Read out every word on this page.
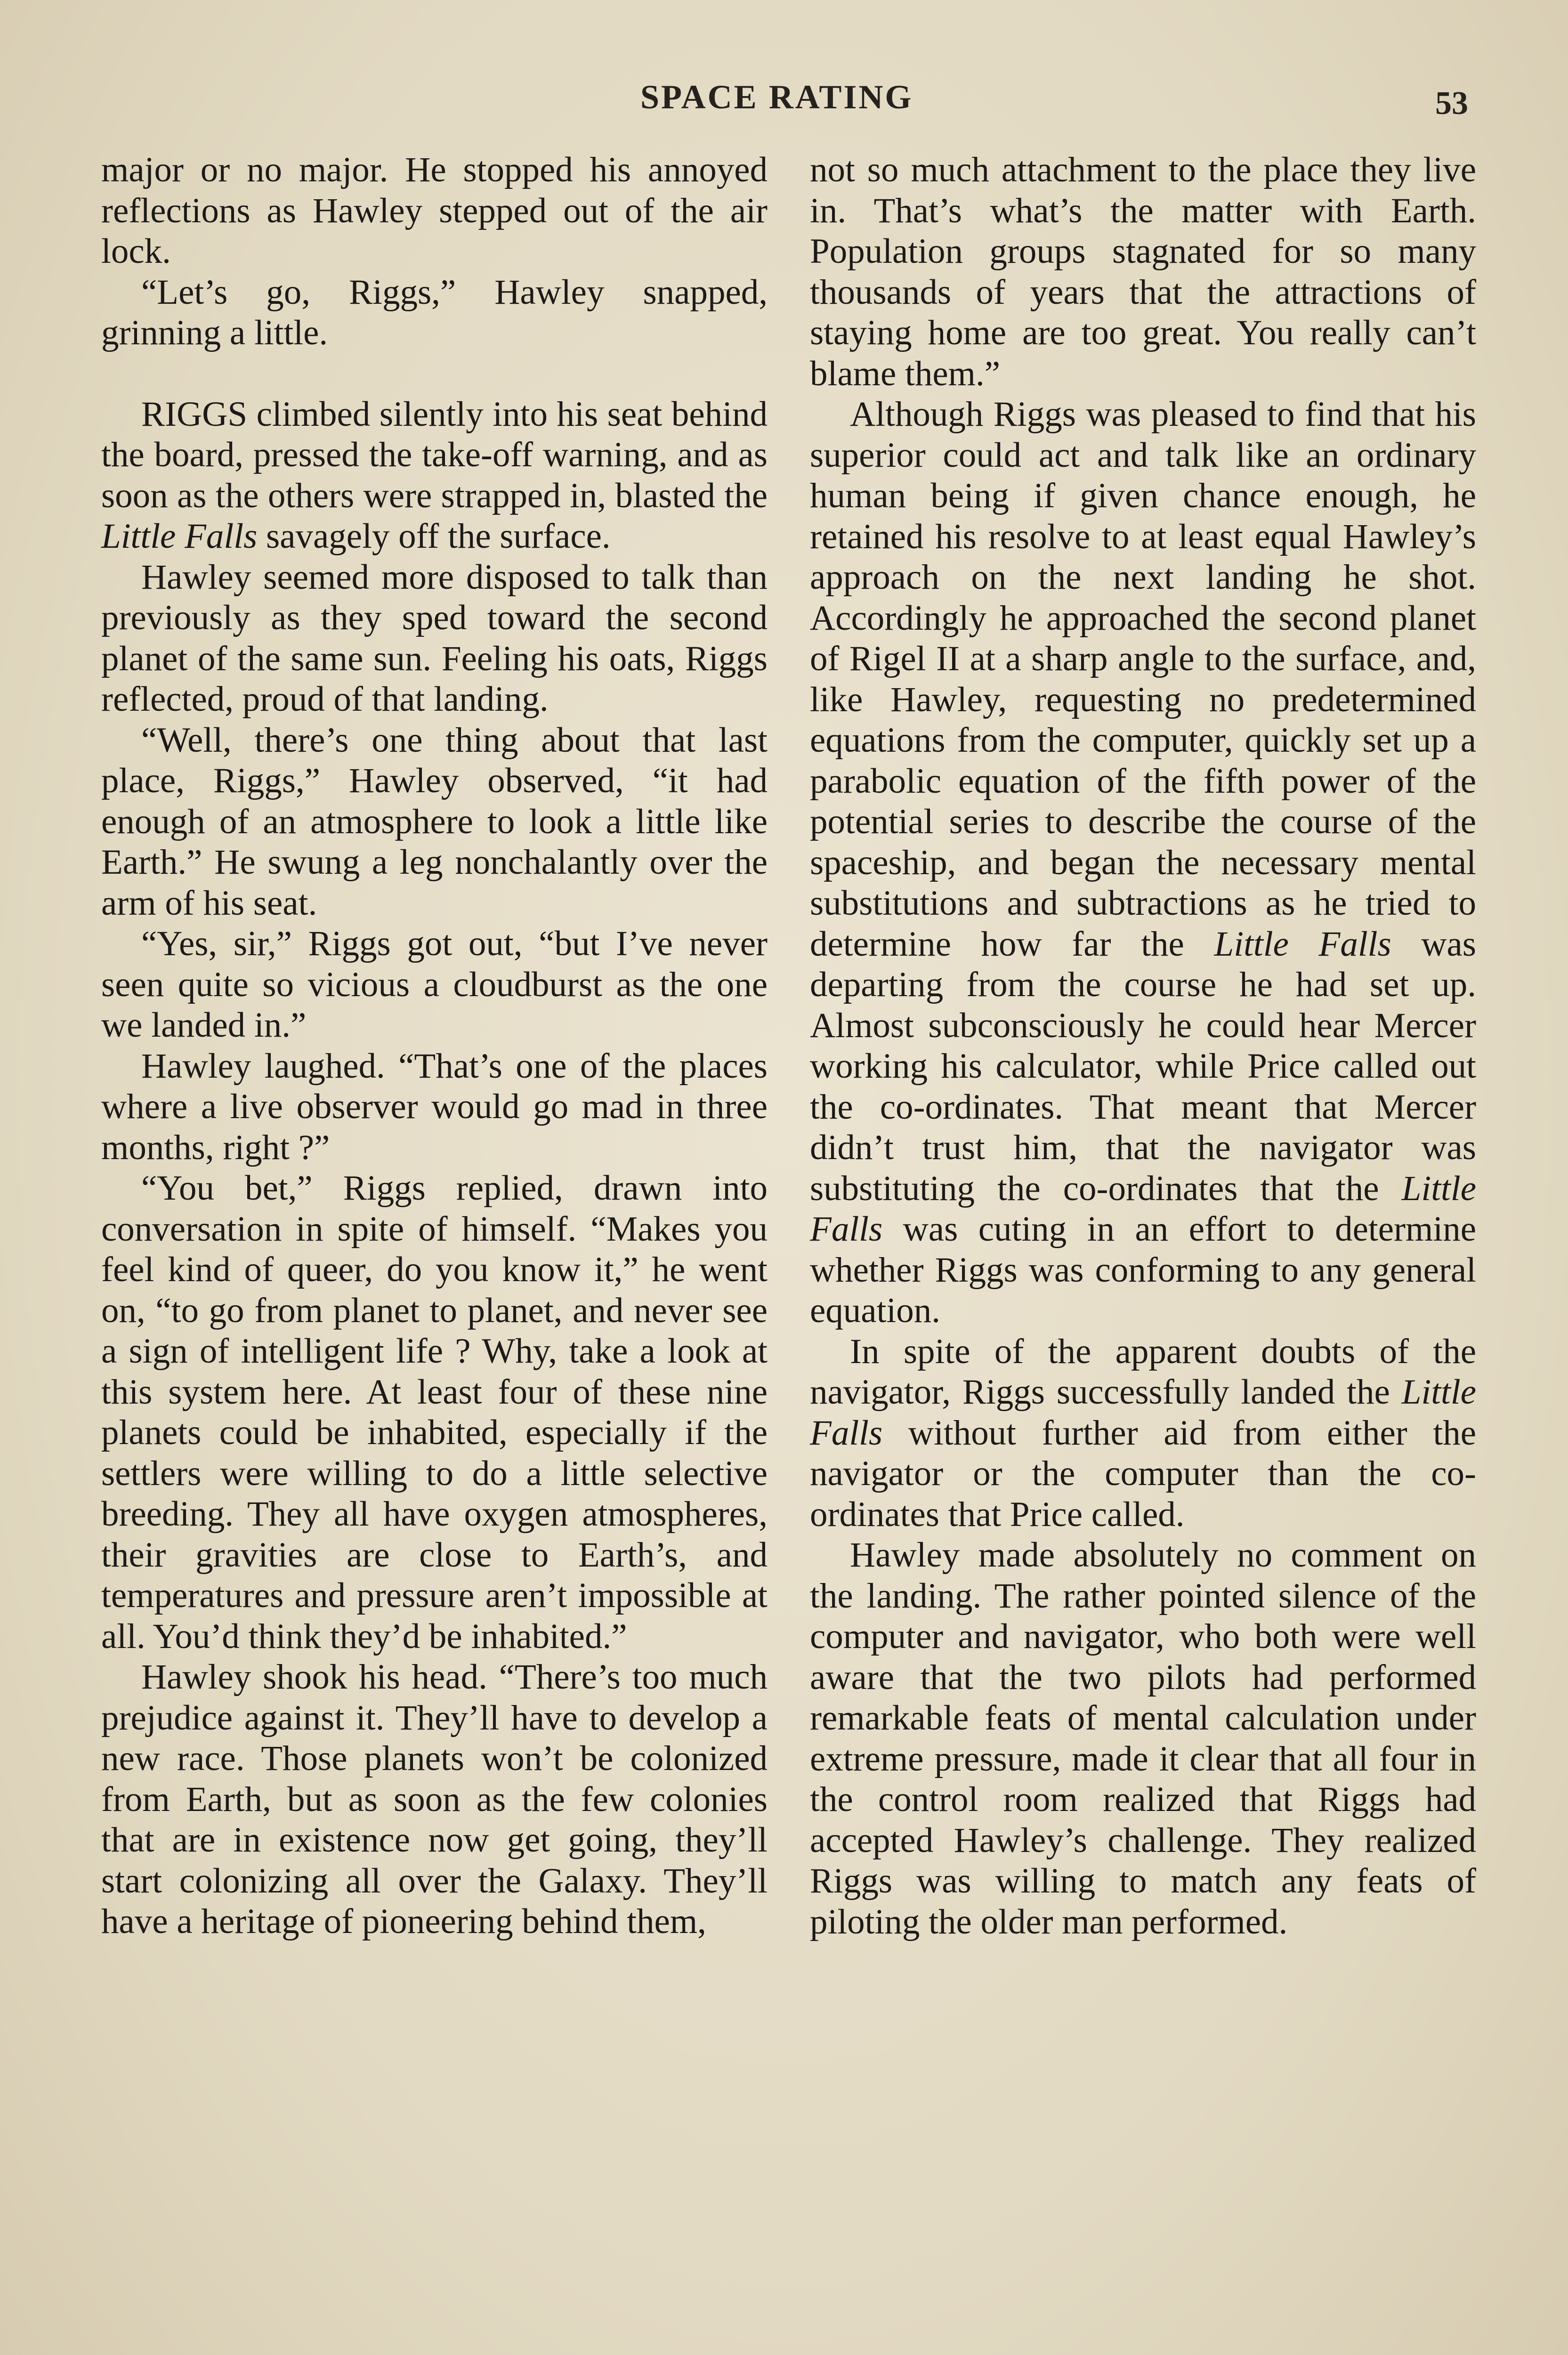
SPACE RATING	53

major or no major. He stopped his annoyed reflections as Hawley stepped out of the air lock.

“Let’s go, Riggs,” Hawley snapped, grinning a little.

RIGGS climbed silently into his seat behind the board, pressed the take-off warning, and as soon as the others were strapped in, blasted the Little Falls savagely off the surface.

Hawley seemed more disposed to talk than previously as they sped toward the second planet of the same sun. Feeling his oats, Riggs reflected, proud of that landing.

“Well, there’s one thing about that last place, Riggs,” Hawley observed, “it had enough of an atmosphere to look a little like Earth.” He swung a leg nonchalantly over the arm of his seat.

“Yes, sir,” Riggs got out, “but I’ve never seen quite so vicious a cloudburst as the one we landed in.”

Hawley laughed. “That’s one of the places where a live observer would go mad in three months, right ?”

“You bet,” Riggs replied, drawn into conversation in spite of himself. “Makes you feel kind of queer, do you know it,” he went on, “to go from planet to planet, and never see a sign of intelligent life ? Why, take a look at this system here. At least four of these nine planets could be inhabited, especially if the settlers were willing to do a little selective breeding. They all have oxygen atmospheres, their gravities are close to Earth’s, and temperatures and pressure aren’t impossible at all. You’d think they’d be inhabited.”

Hawley shook his head. “There’s too much prejudice against it. They’ll have to develop a new race. Those planets won’t be colonized from Earth, but as soon as the few colonies that are in existence now get going, they’ll start colonizing all over the Galaxy. They’ll have a heritage of pioneering behind them,

not so much attachment to the place they live in. That’s what’s the matter with Earth. Population groups stagnated for so many thousands of years that the attractions of staying home are too great. You really can’t blame them.”

Although Riggs was pleased to find that his superior could act and talk like an ordinary human being if given chance enough, he retained his resolve to at least equal Hawley’s approach on the next landing he shot. Accordingly he approached the second planet of Rigel II at a sharp angle to the surface, and, like Hawley, requesting no predetermined equations from the computer, quickly set up a parabolic equation of the fifth power of the potential series to describe the course of the spaceship, and began the necessary mental substitutions and subtractions as he tried to determine how far the Little Falls was departing from the course he had set up. Almost subconsciously he could hear Mercer working his calculator, while Price called out the co-ordinates. That meant that Mercer didn’t trust him, that the navigator was substituting the co-ordinates that the Little Falls was cuting in an effort to determine whether Riggs was conforming to any general equation.

In spite of the apparent doubts of the navigator, Riggs successfully landed the Little Falls without further aid from either the navigator or the computer than the co-ordinates that Price called.

Hawley made absolutely no comment on the landing. The rather pointed silence of the computer and navigator, who both were well aware that the two pilots had performed remarkable feats of mental calculation under extreme pressure, made it clear that all four in the control room realized that Riggs had accepted Hawley’s challenge. They realized Riggs was willing to match any feats of piloting the older man performed.
